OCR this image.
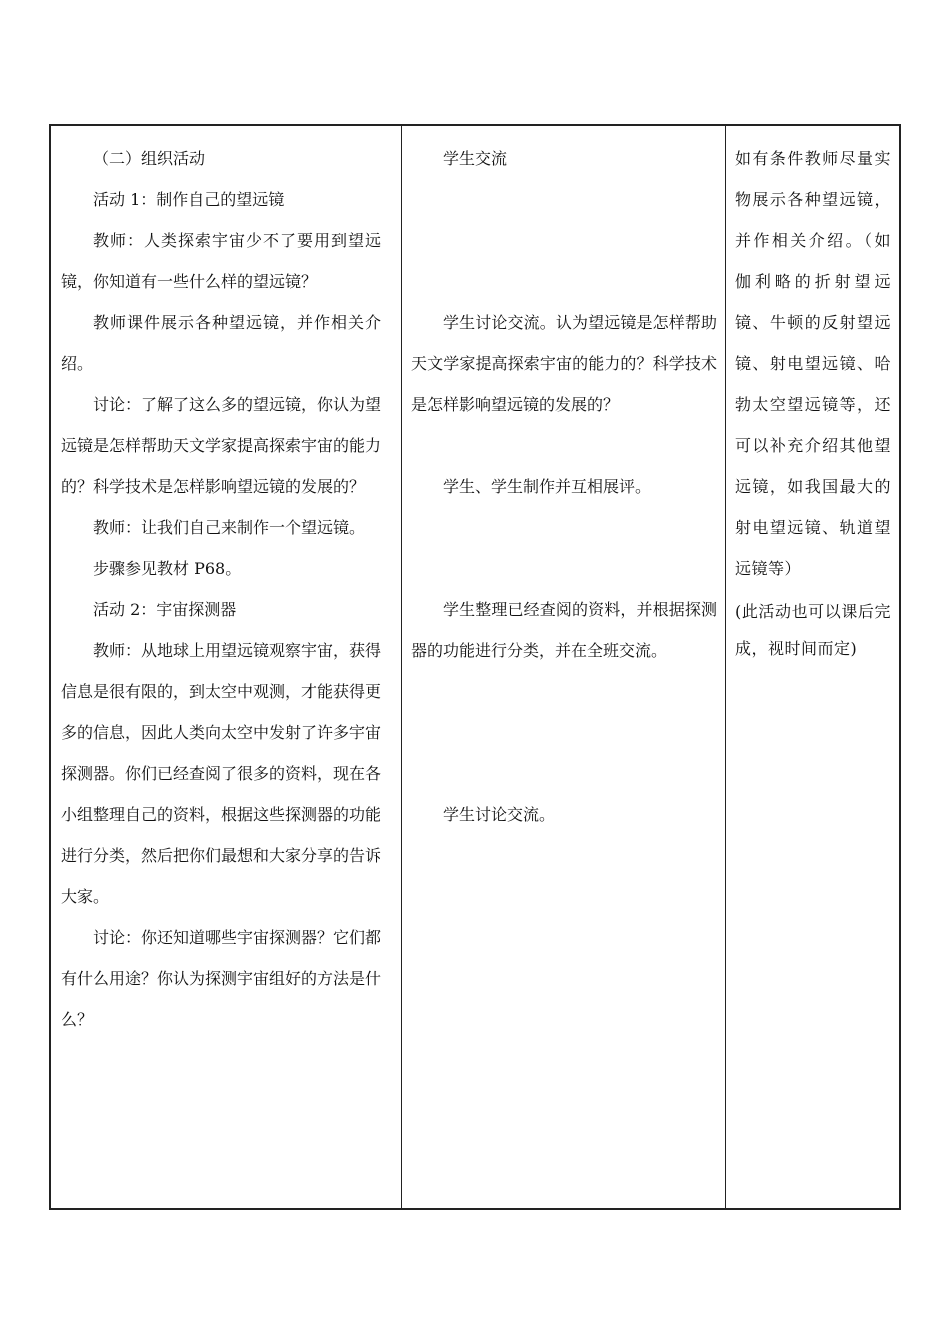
（二）组织活动

活动 1：制作自己的望远镜

教师：人类探索宇宙少不了要用到望远镜，你知道有一些什么样的望远镜？

教师课件展示各种望远镜，并作相关介绍。

讨论：了解了这么多的望远镜，你认为望远镜是怎样帮助天文学家提高探索宇宙的能力的？科学技术是怎样影响望远镜的发展的？

教师：让我们自己来制作一个望远镜。

步骤参见教材 P68。

活动 2：宇宙探测器

教师：从地球上用望远镜观察宇宙，获得信息是很有限的，到太空中观测，才能获得更多的信息，因此人类向太空中发射了许多宇宙探测器。你们已经查阅了很多的资料，现在各小组整理自己的资料，根据这些探测器的功能进行分类，然后把你们最想和大家分享的告诉大家。

讨论：你还知道哪些宇宙探测器？它们都有什么用途？你认为探测宇宙组好的方法是什么？

学生交流

学生讨论交流。认为望远镜是怎样帮助天文学家提高探索宇宙的能力的？科学技术是怎样影响望远镜的发展的？

学生、学生制作并互相展评。

学生整理已经查阅的资料，并根据探测器的功能进行分类，并在全班交流。

学生讨论交流。

如有条件教师尽量实物展示各种望远镜，并作相关介绍。（如伽利略的折射望远镜、牛顿的反射望远镜、射电望远镜、哈勃太空望远镜等，还可以补充介绍其他望远镜，如我国最大的射电望远镜、轨道望远镜等）

(此活动也可以课后完成，视时间而定)
